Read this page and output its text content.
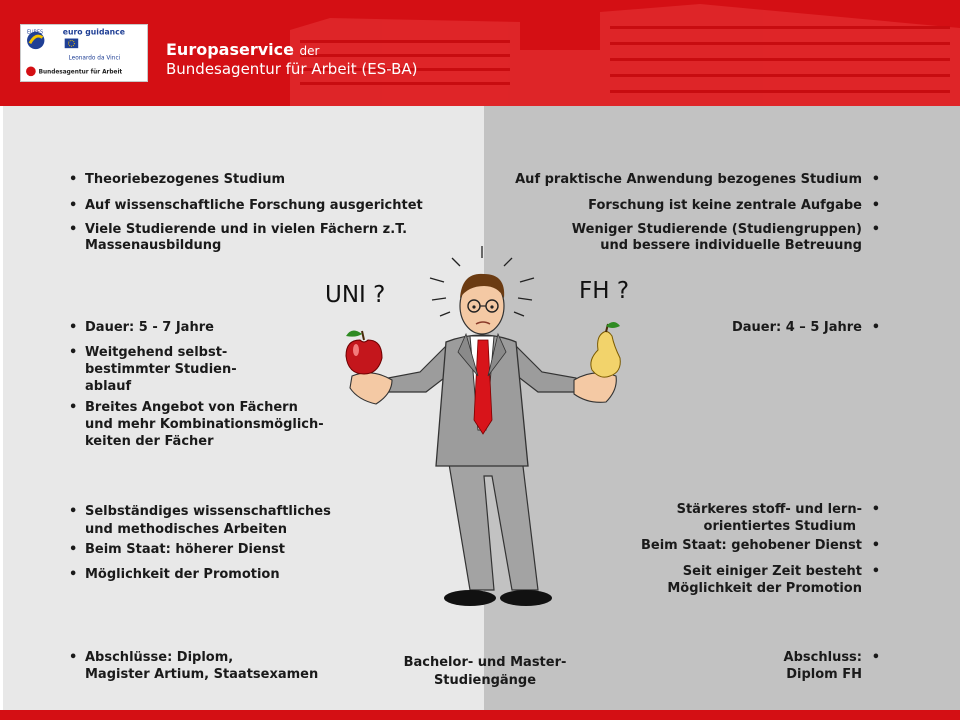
EURES euro guidance
Leonardo da Vinci
Bundesagentur für Arbeit
Europaservice der
Bundesagentur für Arbeit (ES-BA)
• Theoriebezogenes Studium
• Auf wissenschaftliche Forschung ausgerichtet
• Viele Studierende und in vielen Fächern z.T.
Massenausbildung
• Dauer: 5 - 7 Jahre
• Weitgehend selbst-
bestimmter Studien-
ablauf
• Breites Angebot von Fächern
und mehr Kombinationsmöglich-
keiten der Fächer
• Selbständiges wissenschaftliches
und methodisches Arbeiten
• Beim Staat: höherer Dienst
• Möglichkeit der Promotion
• Abschlüsse: Diplom,
Magister Artium, Staatsexamen
Auf praktische Anwendung bezogenes Studium •
Forschung ist keine zentrale Aufgabe •
Weniger Studierende (Studiengruppen)
und bessere individuelle Betreuung •
Dauer: 4 – 5 Jahre •
Stärkeres stoff- und lern-
orientiertes Studium •
Beim Staat: gehobener Dienst •
Seit einiger Zeit besteht
Möglichkeit der Promotion •
Abschluss:
Diplom FH •
Bachelor- und Master-
Studiengänge
UNI ?	FH ?
